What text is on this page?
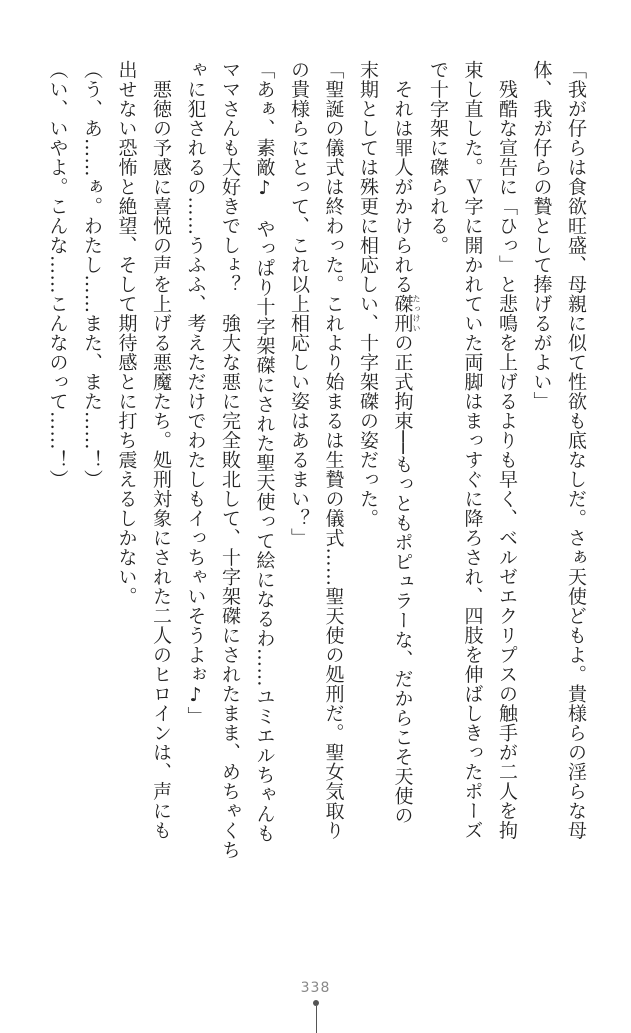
「我が仔らは食欲旺盛、母親に似て性欲も底なしだ。さぁ天使どもよ。貴様らの淫らな母

体、我が仔らの贄として捧げるがよい」

　残酷な宣告に「ひっ」と悲鳴を上げるよりも早く、ベルゼエクリプスの触手が二人を拘

束し直した。Ｖ字に開かれていた両脚はまっすぐに降ろされ、四肢を伸ばしきったポーズ

で十字架に磔られる。

　それは罪人がかけられる磔刑たっけいの正式拘束──もっともポピュラーな、だからこそ天使の

末期としては殊更に相応しい、十字架磔の姿だった。

「聖誕の儀式は終わった。これより始まるは生贄の儀式……聖天使の処刑だ。聖女気取り

の貴様らにとって、これ以上相応しい姿はあるまい？」

「あぁ、素敵♪　やっぱり十字架磔にされた聖天使って絵になるわ……ユミエルちゃんも

ママさんも大好きでしょ？　強大な悪に完全敗北して、十字架磔にされたまま、めちゃくち

ゃに犯されるの……うふふ、考えただけでわたしもイっちゃいそうよぉ♪」

　悪徳の予感に喜悦の声を上げる悪魔たち。処刑対象にされた二人のヒロインは、声にも

出せない恐怖と絶望、そして期待感とに打ち震えるしかない。

（う、あ……ぁ。わたし……また、また……！）

（い、いやよ。こんな……こんなのって……！）

338
